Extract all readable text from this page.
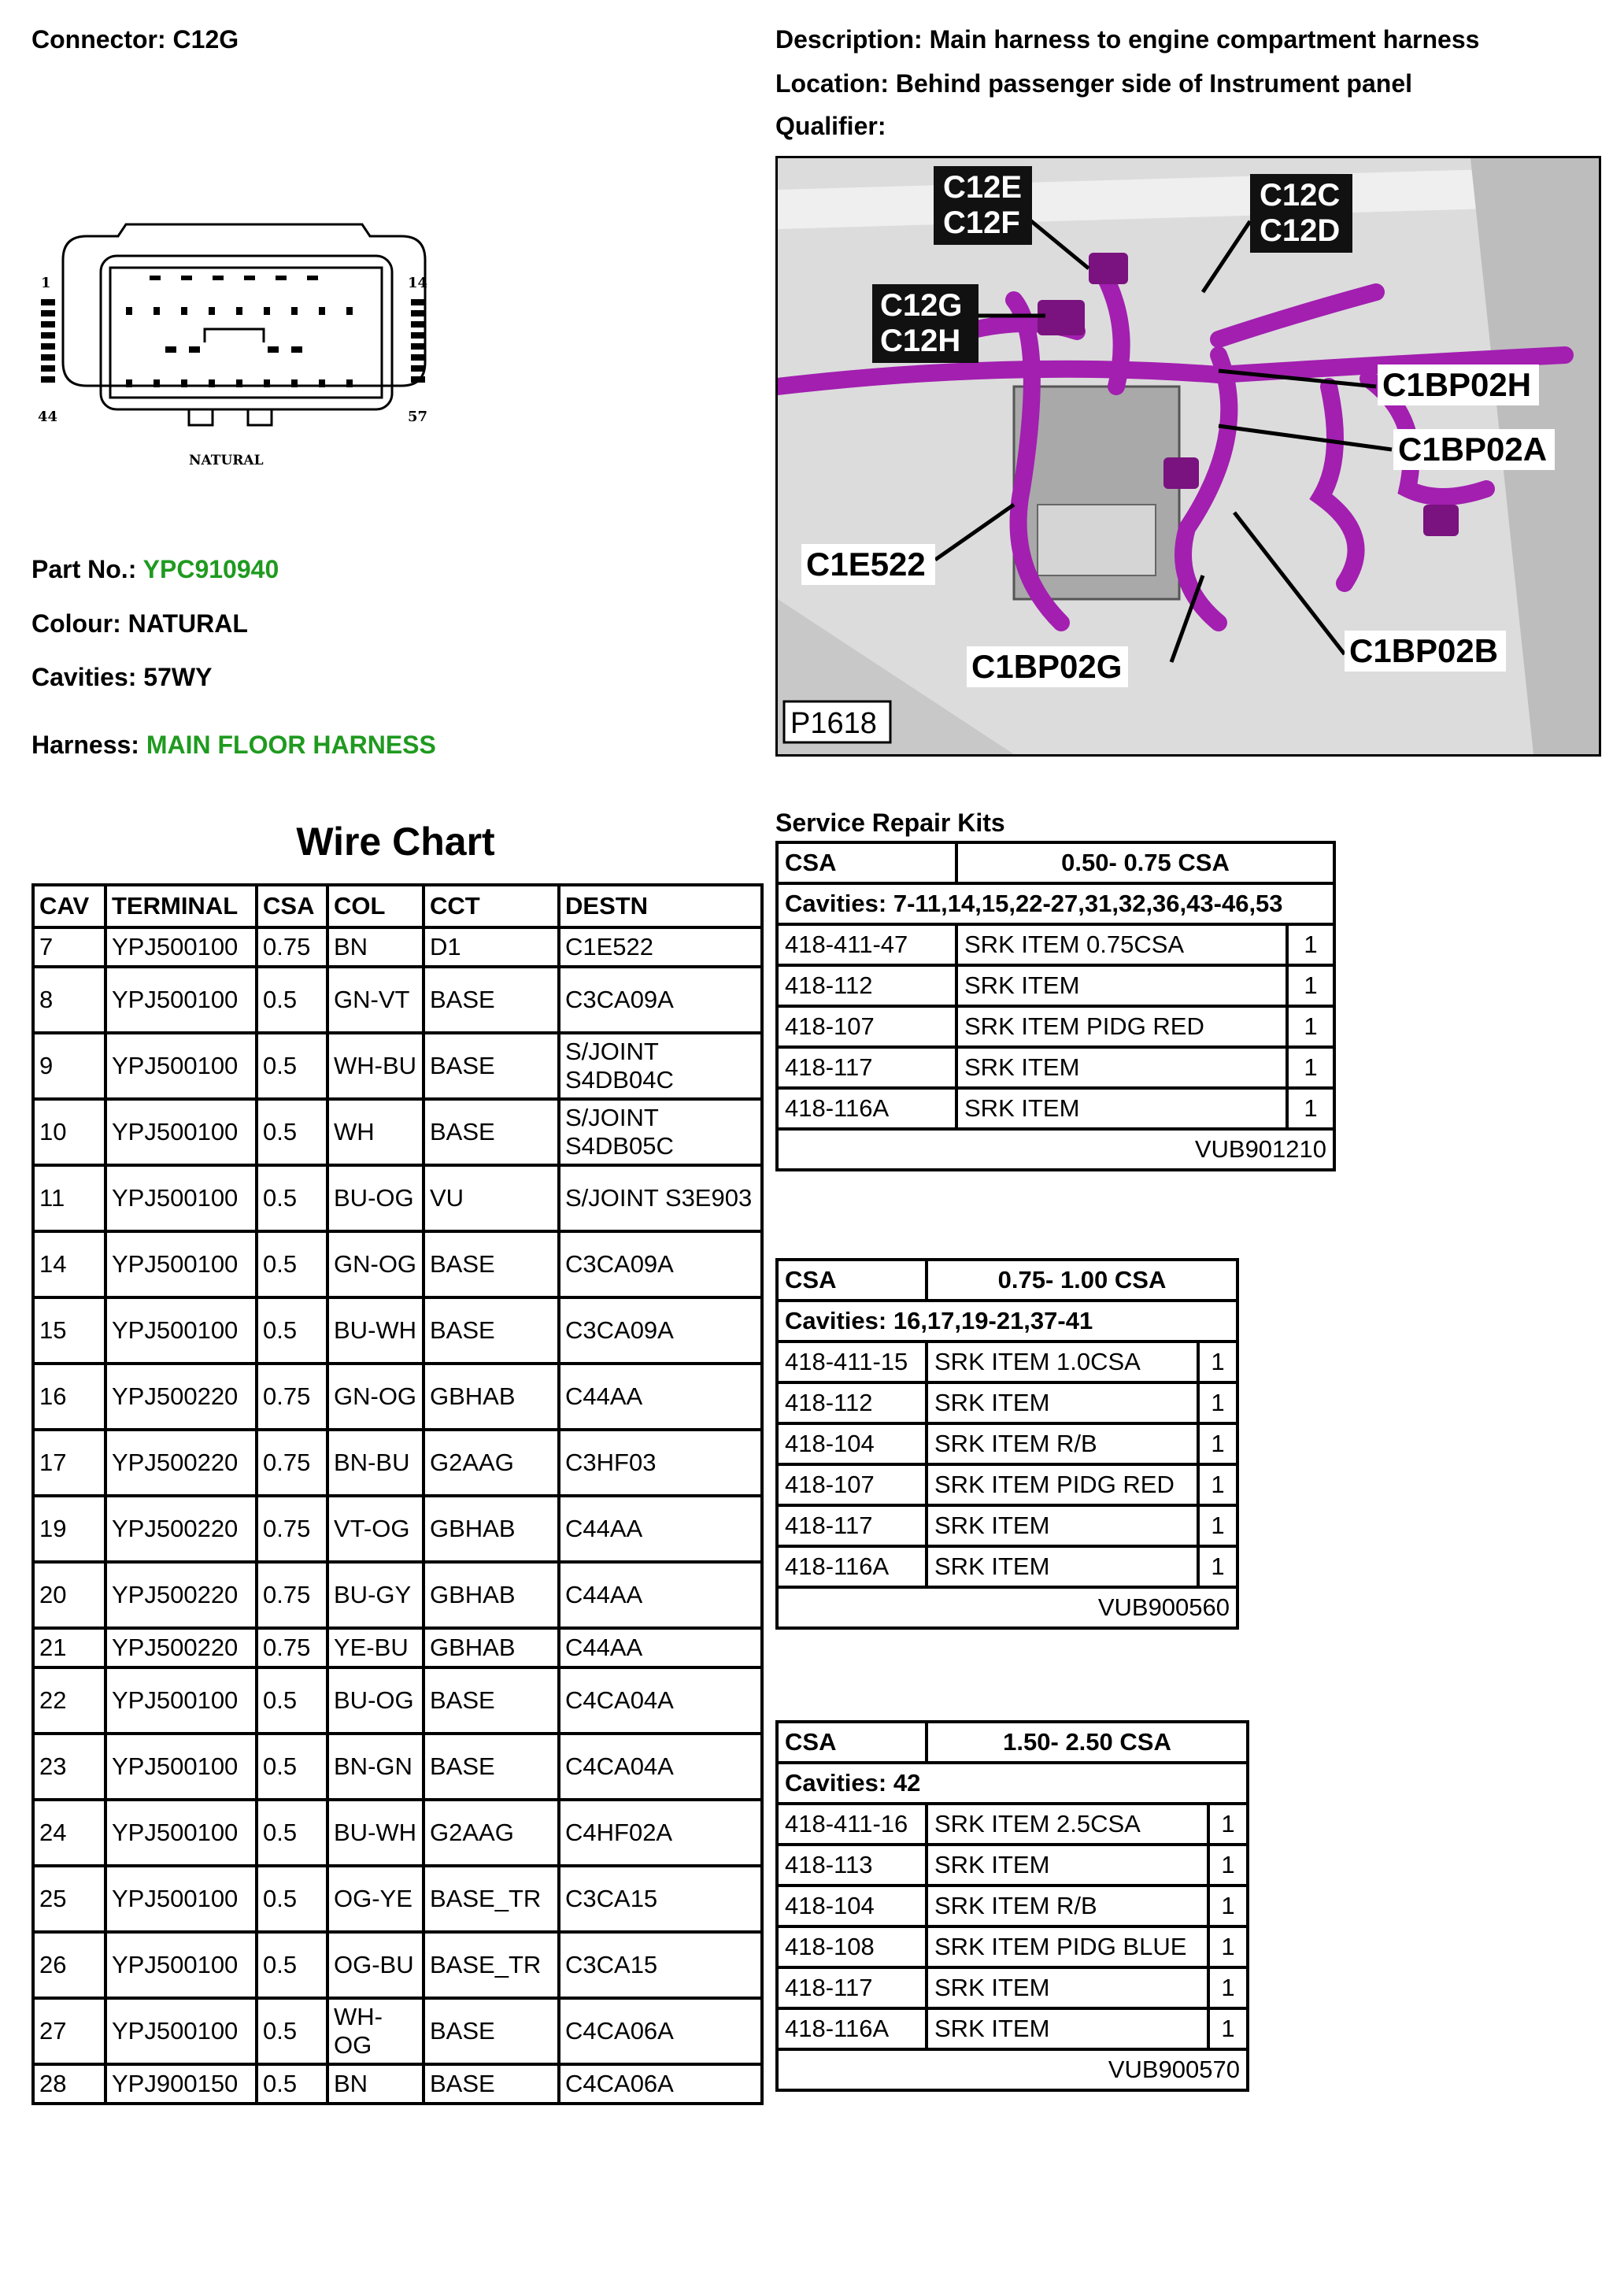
Connector: C12G	Description: Main harness to engine compartment harness
Location: Behind passenger side of Instrument panel
Qualifier:
1	14
44	57
NATURAL
Part No.: YPC910940
Colour: NATURAL
Cavities: 57WY
Harness: MAIN FLOOR HARNESS
C12E
C12F
C12C
C12D
C12G
C12H
C1BP02H
C1BP02A
C1E522
C1BP02B
C1BP02G
P1618
Wire Chart
CAV	TERMINAL	CSA	COL	CCT	DESTN
7	YPJ500100	0.75	BN	D1	C1E522
8	YPJ500100	0.5	GN-VT	BASE	C3CA09A
9	YPJ500100	0.5	WH-BU	BASE	S/JOINT S4DB04C
10	YPJ500100	0.5	WH	BASE	S/JOINT S4DB05C
11	YPJ500100	0.5	BU-OG	VU	S/JOINT S3E903
14	YPJ500100	0.5	GN-OG	BASE	C3CA09A
15	YPJ500100	0.5	BU-WH	BASE	C3CA09A
16	YPJ500220	0.75	GN-OG	GBHAB	C44AA
17	YPJ500220	0.75	BN-BU	G2AAG	C3HF03
19	YPJ500220	0.75	VT-OG	GBHAB	C44AA
20	YPJ500220	0.75	BU-GY	GBHAB	C44AA
21	YPJ500220	0.75	YE-BU	GBHAB	C44AA
22	YPJ500100	0.5	BU-OG	BASE	C4CA04A
23	YPJ500100	0.5	BN-GN	BASE	C4CA04A
24	YPJ500100	0.5	BU-WH	G2AAG	C4HF02A
25	YPJ500100	0.5	OG-YE	BASE_TR	C3CA15
26	YPJ500100	0.5	OG-BU	BASE_TR	C3CA15
27	YPJ500100	0.5	WH-OG	BASE	C4CA06A
28	YPJ900150	0.5	BN	BASE	C4CA06A
Service Repair Kits
CSA	0.50- 0.75 CSA	
Cavities: 7-11,14,15,22-27,31,32,36,43-46,53		
418-411-47	SRK ITEM 0.75CSA	1
418-112	SRK ITEM	1
418-107	SRK ITEM PIDG RED	1
418-117	SRK ITEM	1
418-116A	SRK ITEM	1
VUB901210		
CSA	0.75- 1.00 CSA	
Cavities: 16,17,19-21,37-41		
418-411-15	SRK ITEM 1.0CSA	1
418-112	SRK ITEM	1
418-104	SRK ITEM R/B	1
418-107	SRK ITEM PIDG RED	1
418-117	SRK ITEM	1
418-116A	SRK ITEM	1
VUB900560		
CSA	1.50- 2.50 CSA	
Cavities: 42		
418-411-16	SRK ITEM 2.5CSA	1
418-113	SRK ITEM	1
418-104	SRK ITEM R/B	1
418-108	SRK ITEM PIDG BLUE	1
418-117	SRK ITEM	1
418-116A	SRK ITEM	1
VUB900570		
